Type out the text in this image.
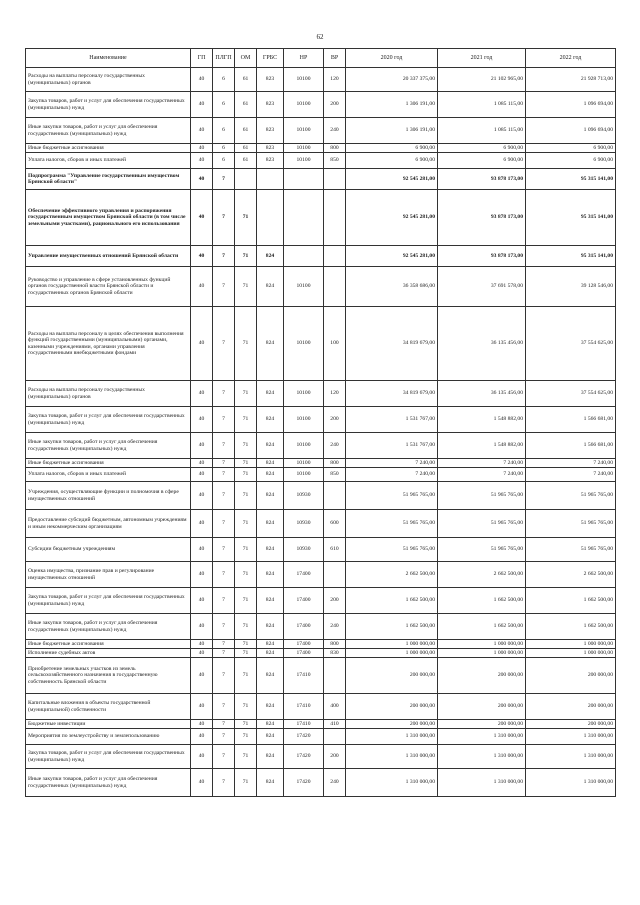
62
Наименование	ГП	ПЛГП	ОМ	ГРБС	НР	ВР	2020 год	2021 год	2022 год
Расходы на выплаты персоналу государственных (муниципальных) органов	40	6	61	823	10100	120	20 337 375,00	21 102 965,00	21 928 713,00
Закупка товаров, работ и услуг для обеспечения государственных (муниципальных) нужд	40	6	61	823	10100	200	1 306 191,00	1 085 115,00	1 096 694,00
Иные закупки товаров, работ и услуг для обеспечения государственных (муниципальных) нужд	40	6	61	823	10100	240	1 306 191,00	1 085 115,00	1 096 694,00
Иные бюджетные ассигнования	40	6	61	823	10100	800	6 900,00	6 900,00	6 900,00
Уплата налогов, сборов и иных платежей	40	6	61	823	10100	850	6 900,00	6 900,00	6 900,00
Подпрограмма "Управление государственным имуществом Брянской области"	40	7					92 545 281,00	93 878 173,00	95 315 141,00
Обеспечение эффективного управления и распоряжения государственным имуществом Брянской области (в том числе земельными участками), рационального его использования	40	7	71				92 545 281,00	93 878 173,00	95 315 141,00
Управление имущественных отношений Брянской области	40	7	71	824			92 545 281,00	93 878 173,00	95 315 141,00
Руководство и управление в сфере установленных функций органов государственной власти Брянской области и государственных органов Брянской области	40	7	71	824	10100		36 358 686,00	37 691 578,00	39 128 546,00
Расходы на выплаты персоналу в целях обеспечения выполнения функций государственными (муниципальными) органами, казенными учреждениями, органами управления государственными внебюджетными фондами	40	7	71	824	10100	100	34 819 679,00	36 135 456,00	37 554 625,00
Расходы на выплаты персоналу государственных (муниципальных) органов	40	7	71	824	10100	120	34 819 679,00	36 135 456,00	37 554 625,00
Закупка товаров, работ и услуг для обеспечения государственных (муниципальных) нужд	40	7	71	824	10100	200	1 531 767,00	1 548 882,00	1 566 681,00
Иные закупки товаров, работ и услуг для обеспечения государственных (муниципальных) нужд	40	7	71	824	10100	240	1 531 767,00	1 548 882,00	1 566 681,00
Иные бюджетные ассигнования	40	7	71	824	10100	800	7 240,00	7 240,00	7 240,00
Уплата налогов, сборов и иных платежей	40	7	71	824	10100	850	7 240,00	7 240,00	7 240,00
Учреждения, осуществляющие функции и полномочия в сфере имущественных отношений	40	7	71	824	10930		51 965 765,00	51 965 765,00	51 965 765,00
Предоставление субсидий бюджетным, автономным учреждениям и иным некоммерческим организациям	40	7	71	824	10930	600	51 965 765,00	51 965 765,00	51 965 765,00
Субсидии бюджетным учреждениям	40	7	71	824	10930	610	51 965 765,00	51 965 765,00	51 965 765,00
Оценка имущества, признание прав и регулирование имущественных отношений	40	7	71	824	17400		2 662 500,00	2 662 500,00	2 662 500,00
Закупка товаров, работ и услуг для обеспечения государственных (муниципальных) нужд	40	7	71	824	17400	200	1 662 500,00	1 662 500,00	1 662 500,00
Иные закупки товаров, работ и услуг для обеспечения государственных (муниципальных) нужд	40	7	71	824	17400	240	1 662 500,00	1 662 500,00	1 662 500,00
Иные бюджетные ассигнования	40	7	71	824	17400	800	1 000 000,00	1 000 000,00	1 000 000,00
Исполнение судебных актов	40	7	71	824	17400	830	1 000 000,00	1 000 000,00	1 000 000,00
Приобретение земельных участков из земель сельскохозяйственного назначения в государственную собственность Брянской области	40	7	71	824	17410		200 000,00	200 000,00	200 000,00
Капитальные вложения в объекты государственной (муниципальной) собственности	40	7	71	824	17410	400	200 000,00	200 000,00	200 000,00
Бюджетные инвестиции	40	7	71	824	17410	410	200 000,00	200 000,00	200 000,00
Мероприятия по землеустройству и землепользованию	40	7	71	824	17420		1 310 000,00	1 310 000,00	1 310 000,00
Закупка товаров, работ и услуг для обеспечения государственных (муниципальных) нужд	40	7	71	824	17420	200	1 310 000,00	1 310 000,00	1 310 000,00
Иные закупки товаров, работ и услуг для обеспечения государственных (муниципальных) нужд	40	7	71	824	17420	240	1 310 000,00	1 310 000,00	1 310 000,00
